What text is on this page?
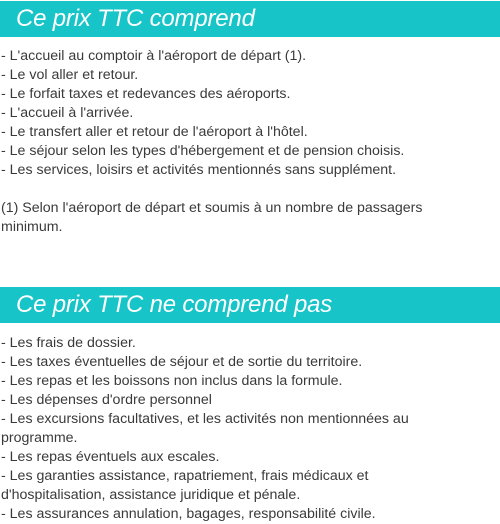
Ce prix TTC comprend
- L'accueil au comptoir à l'aéroport de départ (1).
- Le vol aller et retour.
- Le forfait taxes et redevances des aéroports.
- L'accueil à l'arrivée.
- Le transfert aller et retour de l'aéroport à l'hôtel.
- Le séjour selon les types d'hébergement et de pension choisis.
- Les services, loisirs et activités mentionnés sans supplément.
(1) Selon l'aéroport de départ et soumis à un nombre de passagers
minimum.
Ce prix TTC ne comprend pas
- Les frais de dossier.
- Les taxes éventuelles de séjour et de sortie du territoire.
- Les repas et les boissons non inclus dans la formule.
- Les dépenses d'ordre personnel
- Les excursions facultatives, et les activités non mentionnées au
programme.
- Les repas éventuels aux escales.
- Les garanties assistance, rapatriement, frais médicaux et
d'hospitalisation, assistance juridique et pénale.
- Les assurances annulation, bagages, responsabilité civile.
